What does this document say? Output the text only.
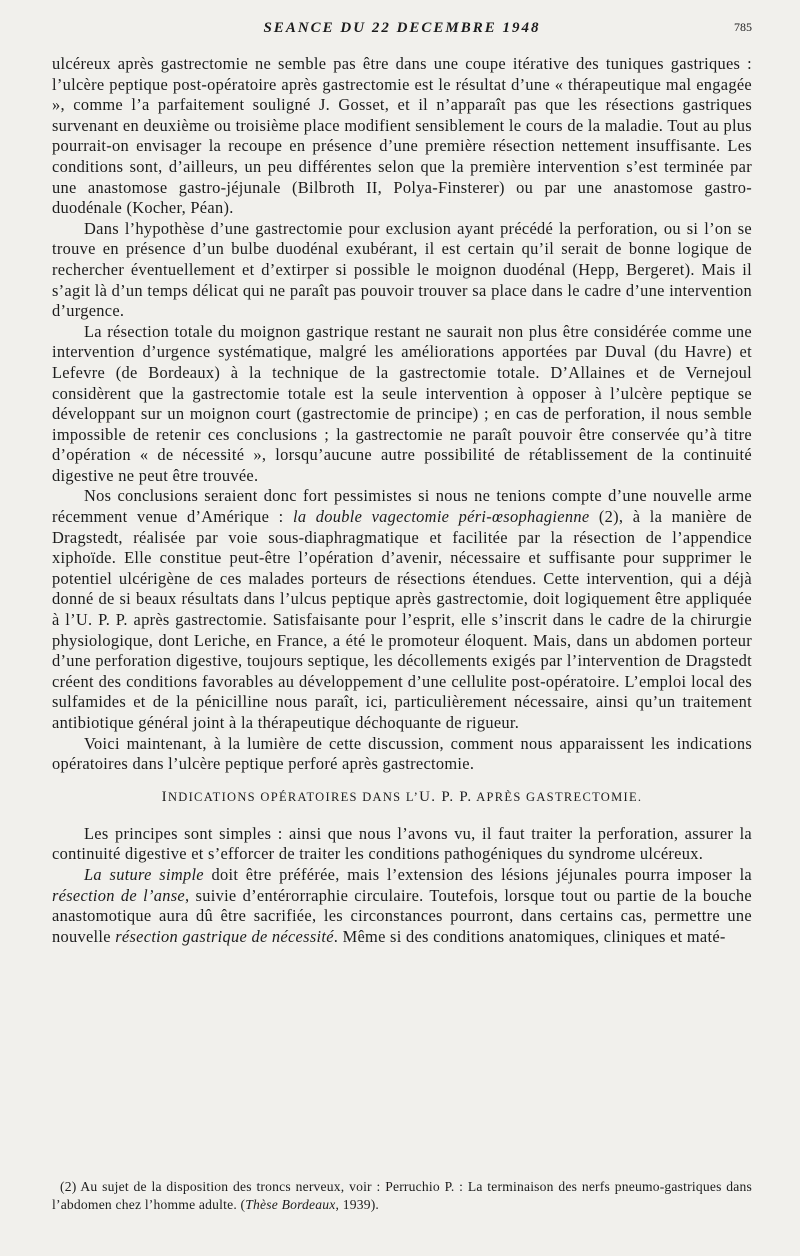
SEANCE DU 22 DECEMBRE 1948	785

ulcéreux après gastrectomie ne semble pas être dans une coupe itérative des tuniques gastriques : l’ulcère peptique post-opératoire après gastrectomie est le résultat d’une « thérapeutique mal engagée », comme l’a parfaitement souligné J. Gosset, et il n’apparaît pas que les résections gastriques survenant en deuxième ou troisième place modifient sensiblement le cours de la maladie. Tout au plus pourrait-on envisager la recoupe en présence d’une première résection nettement insuffisante. Les conditions sont, d’ailleurs, un peu différentes selon que la première intervention s’est terminée par une anastomose gastro-jéjunale (Bilbroth II, Polya-Finsterer) ou par une anastomose gastro-duodénale (Kocher, Péan).

Dans l’hypothèse d’une gastrectomie pour exclusion ayant précédé la perforation, ou si l’on se trouve en présence d’un bulbe duodénal exubérant, il est certain qu’il serait de bonne logique de rechercher éventuellement et d’extirper si possible le moignon duodénal (Hepp, Bergeret). Mais il s’agit là d’un temps délicat qui ne paraît pas pouvoir trouver sa place dans le cadre d’une intervention d’urgence.

La résection totale du moignon gastrique restant ne saurait non plus être considérée comme une intervention d’urgence systématique, malgré les améliorations apportées par Duval (du Havre) et Lefevre (de Bordeaux) à la technique de la gastrectomie totale. D’Allaines et de Vernejoul considèrent que la gastrectomie totale est la seule intervention à opposer à l’ulcère peptique se développant sur un moignon court (gastrectomie de principe) ; en cas de perforation, il nous semble impossible de retenir ces conclusions ; la gastrectomie ne paraît pouvoir être conservée qu’à titre d’opération « de nécessité », lorsqu’aucune autre possibilité de rétablissement de la continuité digestive ne peut être trouvée.

Nos conclusions seraient donc fort pessimistes si nous ne tenions compte d’une nouvelle arme récemment venue d’Amérique : la double vagectomie péri-œsophagienne (2), à la manière de Dragstedt, réalisée par voie sous-diaphragmatique et facilitée par la résection de l’appendice xiphoïde. Elle constitue peut-être l’opération d’avenir, nécessaire et suffisante pour supprimer le potentiel ulcérigène de ces malades porteurs de résections étendues. Cette intervention, qui a déjà donné de si beaux résultats dans l’ulcus peptique après gastrectomie, doit logiquement être appliquée à l’U. P. P. après gastrectomie. Satisfaisante pour l’esprit, elle s’inscrit dans le cadre de la chirurgie physiologique, dont Leriche, en France, a été le promoteur éloquent. Mais, dans un abdomen porteur d’une perforation digestive, toujours septique, les décollements exigés par l’intervention de Dragstedt créent des conditions favorables au développement d’une cellulite post-opératoire. L’emploi local des sulfamides et de la pénicilline nous paraît, ici, particulièrement nécessaire, ainsi qu’un traitement antibiotique général joint à la thérapeutique déchoquante de rigueur.

Voici maintenant, à la lumière de cette discussion, comment nous apparaissent les indications opératoires dans l’ulcère peptique perforé après gastrectomie.

INDICATIONS OPÉRATOIRES DANS L’U. P. P. APRÈS GASTRECTOMIE.

Les principes sont simples : ainsi que nous l’avons vu, il faut traiter la perforation, assurer la continuité digestive et s’efforcer de traiter les conditions pathogéniques du syndrome ulcéreux.

La suture simple doit être préférée, mais l’extension des lésions jéjunales pourra imposer la résection de l’anse, suivie d’entérorraphie circulaire. Toutefois, lorsque tout ou partie de la bouche anastomotique aura dû être sacrifiée, les circonstances pourront, dans certains cas, permettre une nouvelle résection gastrique de nécessité. Même si des conditions anatomiques, cliniques et maté-

(2) Au sujet de la disposition des troncs nerveux, voir : Perruchio P. : La terminaison des nerfs pneumo-gastriques dans l’abdomen chez l’homme adulte. (Thèse Bordeaux, 1939).
